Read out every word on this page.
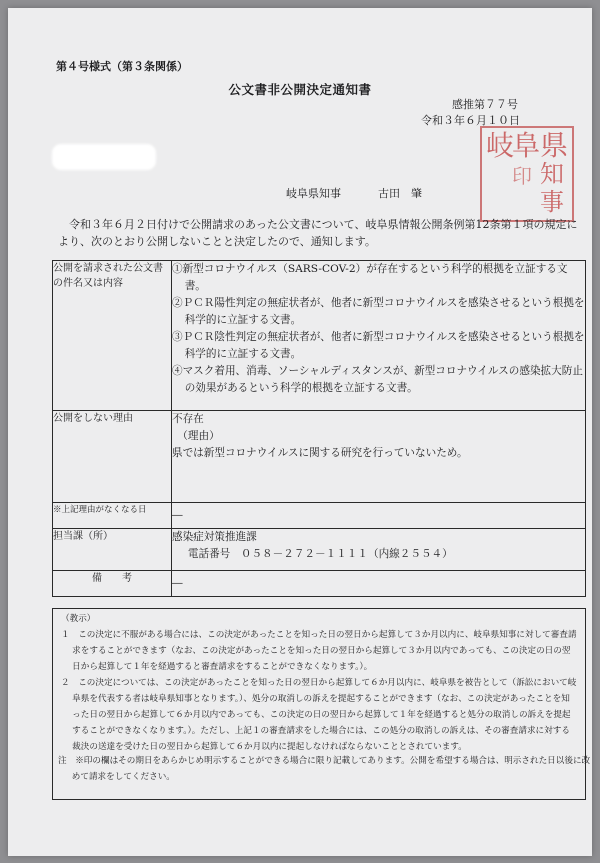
第４号様式（第３条関係）
公文書非公開決定通知書
感推第７７号
令和３年６月１０日
岐阜県知事	古田　肇
県
知
事
岐
阜
印
令和３年６月２日付けで公開請求のあった公文書について、岐阜県情報公開条例第12条第１項の規定により、次のとおり公開しないことと決定したので、通知します。
公開を請求された公文書の件名又は内容	①新型コロナウイルス（SARS-COV-2）が存在するという科学的根拠を立証する文書。
②ＰＣＲ陽性判定の無症状者が、他者に新型コロナウイルスを感染させるという根拠を科学的に立証する文書。
③ＰＣＲ陰性判定の無症状者が、他者に新型コロナウイルスを感染させるという根拠を科学的に立証する文書。
④マスク着用、消毒、ソーシャルディスタンスが、新型コロナウイルスの感染拡大防止の効果があるという科学的根拠を立証する文書。

公開をしない理由	不存在
（理由）
県では新型コロナウイルスに関する研究を行っていないため。

※上記理由がなくなる日	―
担当課（所）	感染症対策推進課
電話番号　０５８－２７２－１１１１（内線２５５４）

備　　考	―

（教示）

１　この決定に不服がある場合には、この決定があったことを知った日の翌日から起算して３か月以内に、岐阜県知事に対して審査請求をすることができます（なお、この決定があったことを知った日の翌日から起算して３か月以内であっても、この決定の日の翌日から起算して１年を経過すると審査請求をすることができなくなります。）。

２　この決定については、この決定があったことを知った日の翌日から起算して６か月以内に、岐阜県を被告として（訴訟において岐阜県を代表する者は岐阜県知事となります。）、処分の取消しの訴えを提起することができます（なお、この決定があったことを知った日の翌日から起算して６か月以内であっても、この決定の日の翌日から起算して１年を経過すると処分の取消しの訴えを提起することができなくなります。）。ただし、上記１の審査請求をした場合には、この処分の取消しの訴えは、その審査請求に対する裁決の送達を受けた日の翌日から起算して６か月以内に提起しなければならないこととされています。

注　※印の欄はその期日をあらかじめ明示することができる場合に限り記載してあります。公開を希望する場合は、明示された日以後に改めて請求をしてください。
